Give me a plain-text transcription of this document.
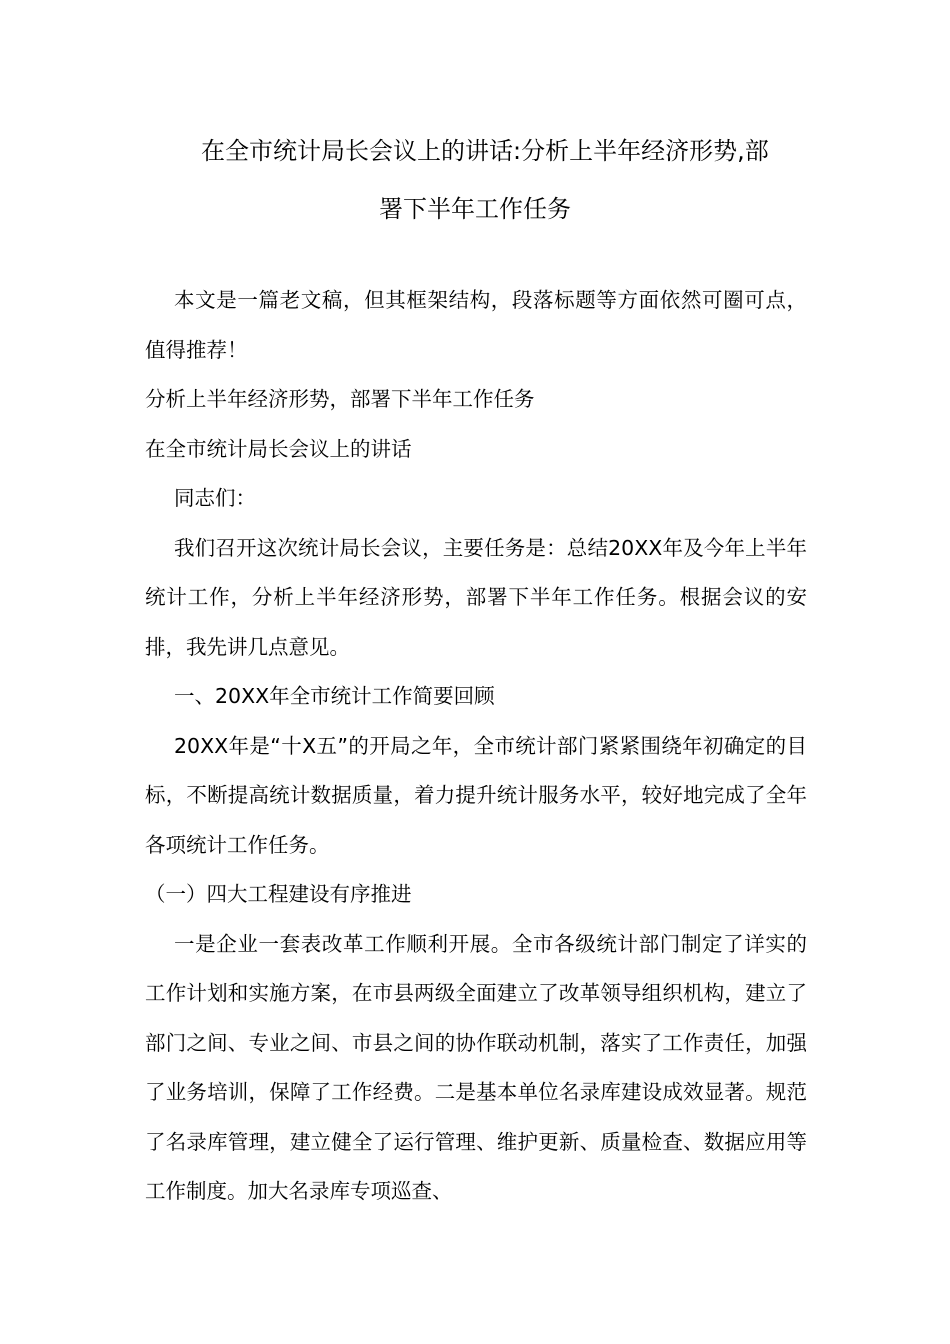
在全市统计局长会议上的讲话:分析上半年经济形势,部
署下半年工作任务

本文是一篇老文稿，但其框架结构，段落标题等方面依然可圈可点，值得推荐！

分析上半年经济形势，部署下半年工作任务

在全市统计局长会议上的讲话

同志们：

我们召开这次统计局长会议，主要任务是：总结20XX年及今年上半年统计工作，分析上半年经济形势，部署下半年工作任务。根据会议的安排，我先讲几点意见。

一、20XX年全市统计工作简要回顾

20XX年是“十X五”的开局之年，全市统计部门紧紧围绕年初确定的目标，不断提高统计数据质量，着力提升统计服务水平，较好地完成了全年各项统计工作任务。

（一）四大工程建设有序推进

一是企业一套表改革工作顺利开展。全市各级统计部门制定了详实的工作计划和实施方案，在市县两级全面建立了改革领导组织机构，建立了部门之间、专业之间、市县之间的协作联动机制，落实了工作责任，加强了业务培训，保障了工作经费。二是基本单位名录库建设成效显著。规范了名录库管理，建立健全了运行管理、维护更新、质量检查、数据应用等工作制度。加大名录库专项巡查、
